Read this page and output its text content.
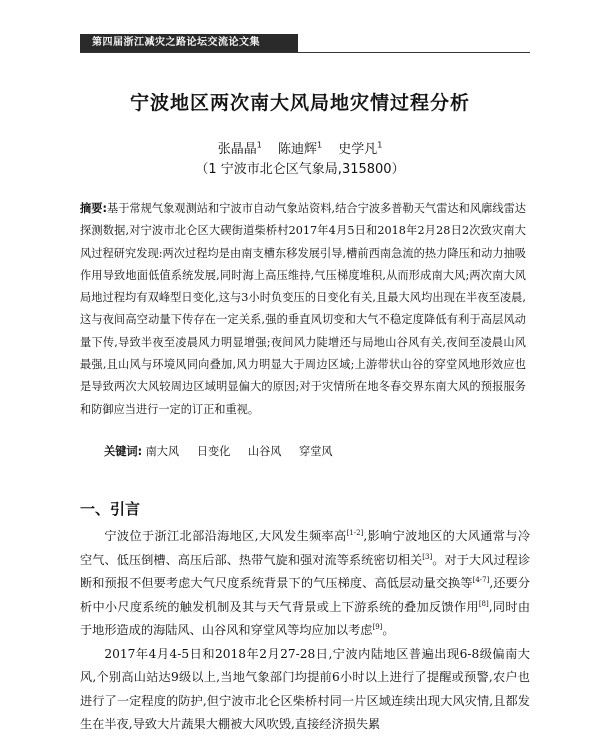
第四届浙江减灾之路论坛交流论文集
宁波地区两次南大风局地灾情过程分析
张晶晶$^1$ 陈迪辉$^1$ 史学凡$^1$
（1 宁波市北仑区气象局,315800）
摘要:基于常规气象观测站和宁波市自动气象站资料,结合宁波多普勒天气雷达和风廓线雷达探测数据,对宁波市北仑区大碶街道柴桥村2017年4月5日和2018年2月28日2次致灾南大风过程研究发现:两次过程均是由南支槽东移发展引导,槽前西南急流的热力降压和动力抽吸作用导致地面低值系统发展,同时海上高压维持,气压梯度堆积,从而形成南大风;两次南大风局地过程均有双峰型日变化,这与3小时负变压的日变化有关,且最大风均出现在半夜至凌晨,这与夜间高空动量下传存在一定关系,强的垂直风切变和大气不稳定度降低有利于高层风动量下传,导致半夜至凌晨风力明显增强;夜间风力陡增还与局地山谷风有关,夜间至凌晨山风最强,且山风与环境风同向叠加,风力明显大于周边区域;上游带状山谷的穿堂风地形效应也是导致两次大风较周边区域明显偏大的原因;对于灾情所在地冬春交界东南大风的预报服务和防御应当进行一定的订正和重视。
关键词: 南大风 日变化 山谷风 穿堂风
一、引言

宁波位于浙江北部沿海地区,大风发生频率高[1-2],影响宁波地区的大风通常与冷空气、低压倒槽、高压后部、热带气旋和强对流等系统密切相关[3]。对于大风过程诊断和预报不但要考虑大气尺度系统背景下的气压梯度、高低层动量交换等[4-7],还要分析中小尺度系统的触发机制及其与天气背景或上下游系统的叠加反馈作用[8],同时由于地形造成的海陆风、山谷风和穿堂风等均应加以考虑[9]。

2017年4月4-5日和2018年2月27-28日,宁波内陆地区普遍出现6-8级偏南大风,个别高山站达9级以上,当地气象部门均提前6小时以上进行了提醒或预警,农户也进行了一定程度的防护,但宁波市北仑区柴桥村同一片区域连续出现大风灾情,且都发生在半夜,导致大片蔬果大棚被大风吹毁,直接经济损失累
